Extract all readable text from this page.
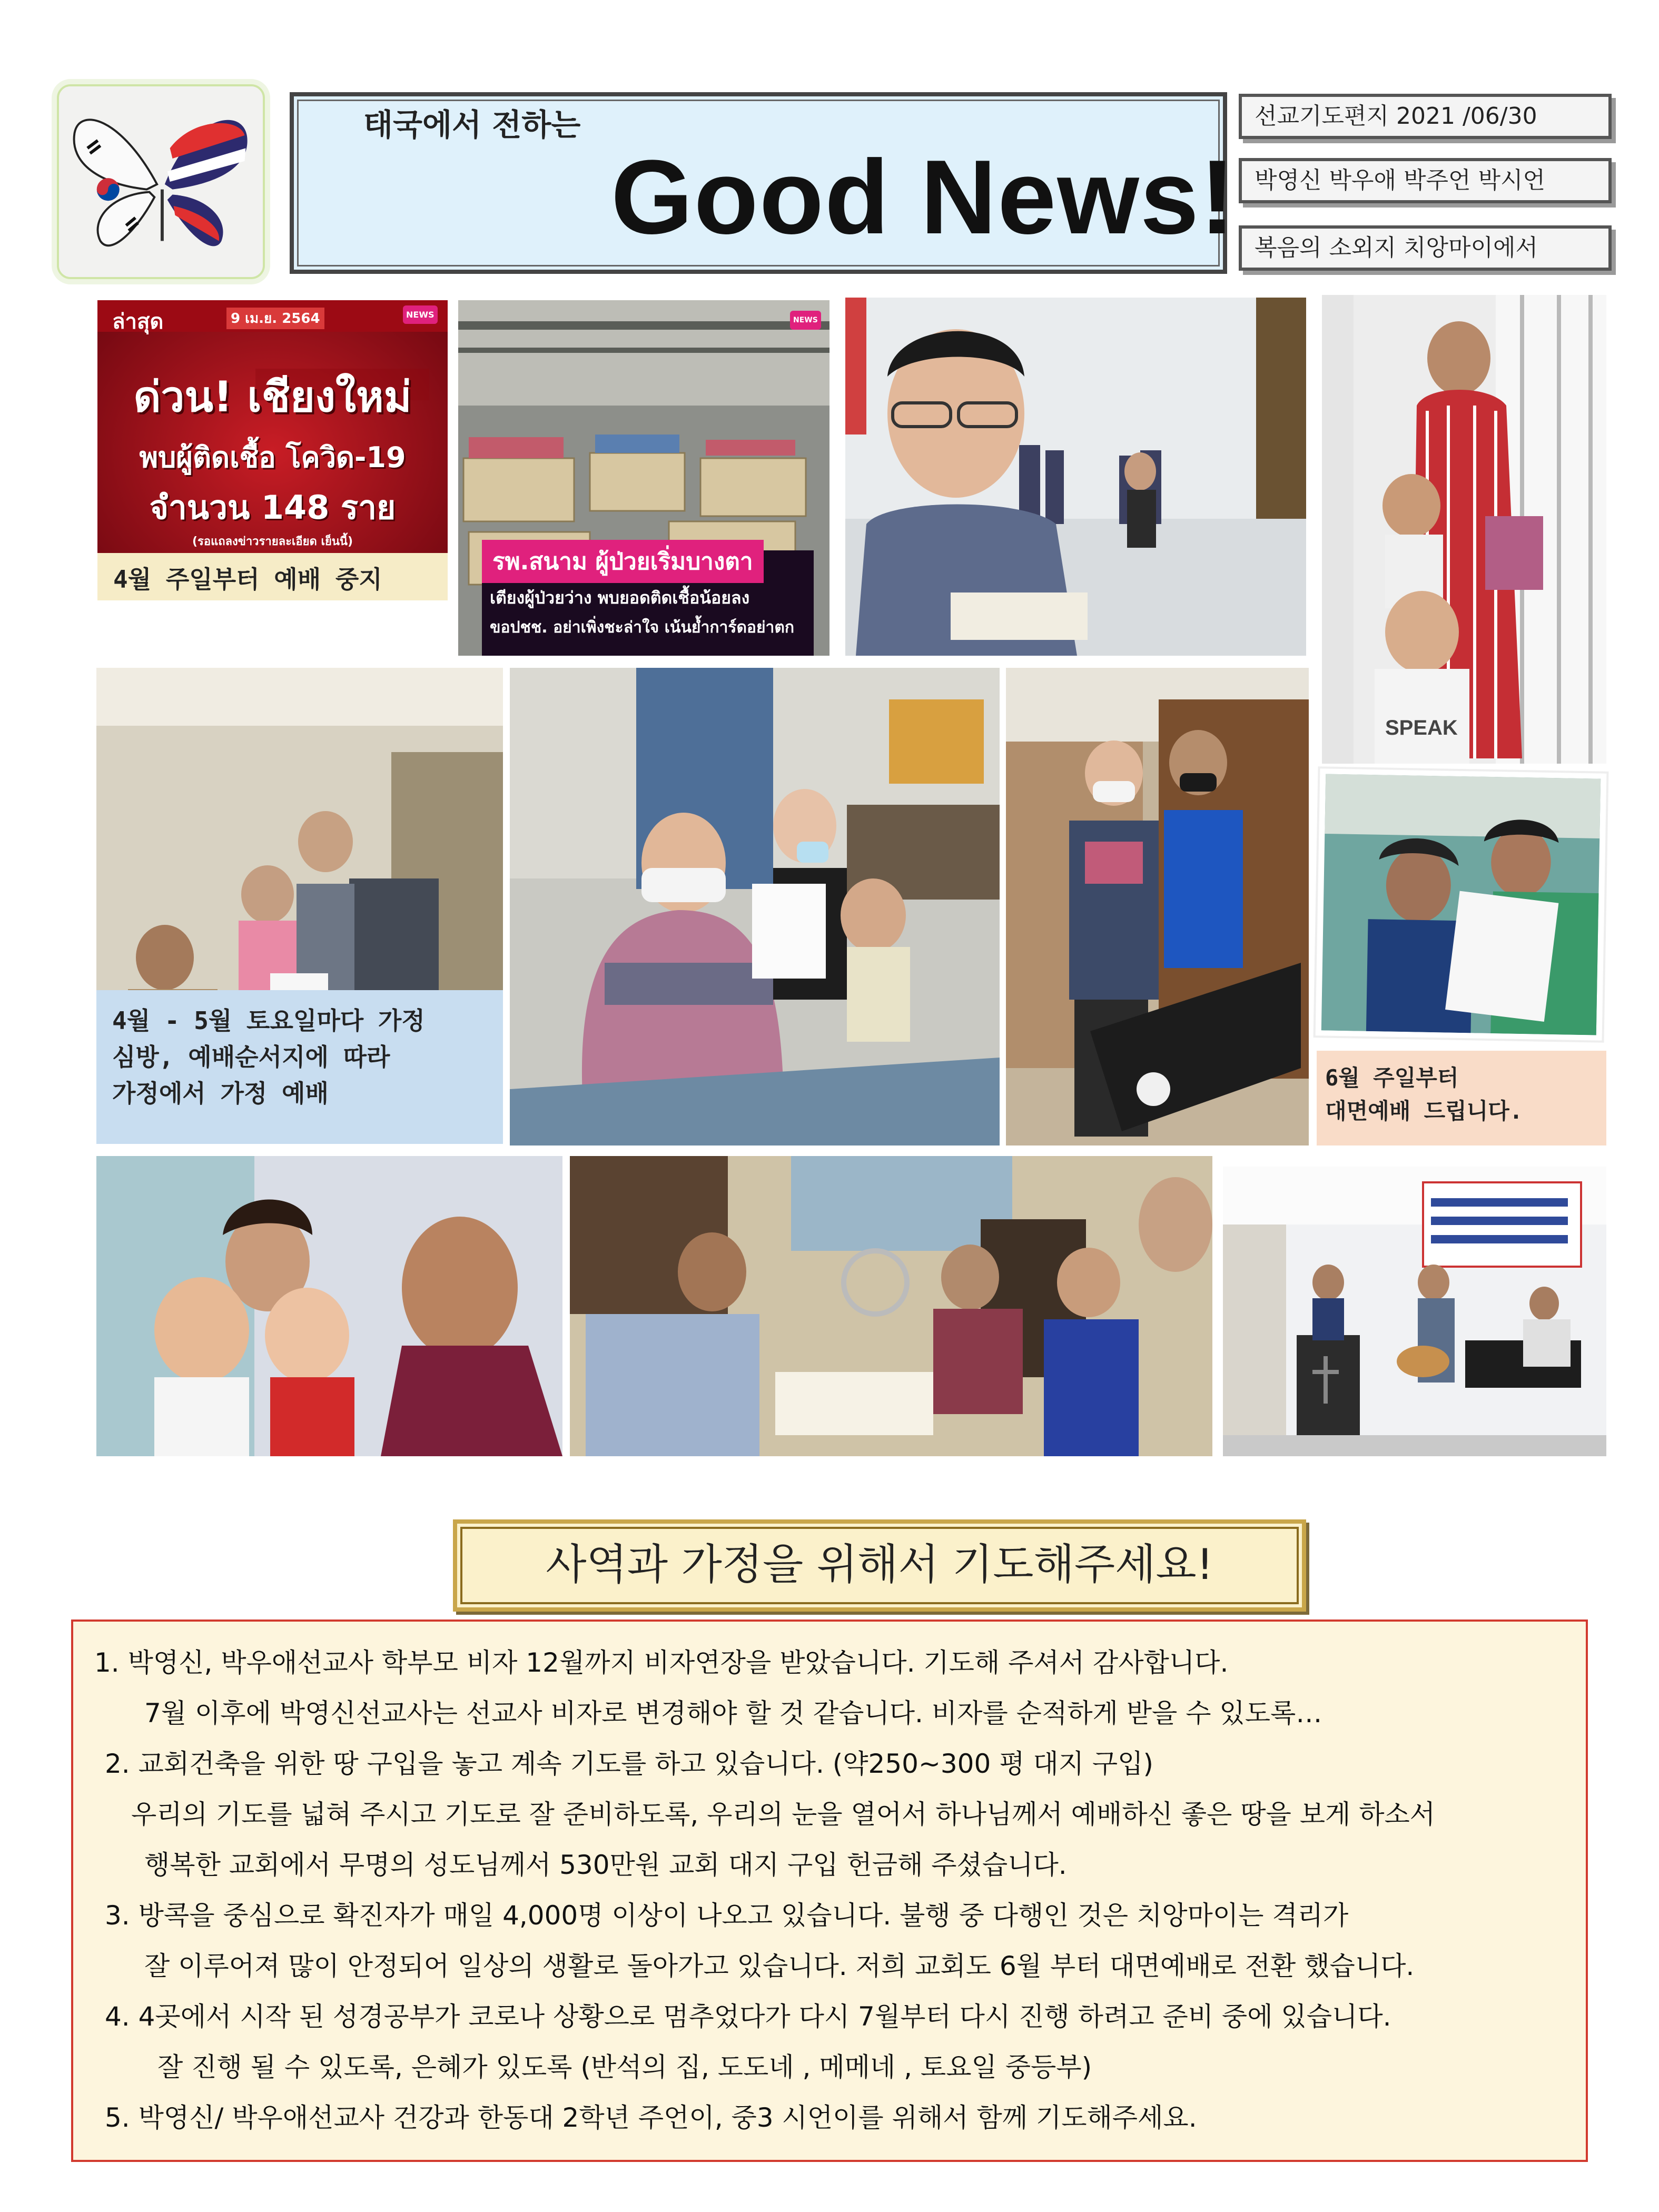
태국에서 전하는
Good News!
선교기도편지 2021 /06/30
박영신 박우애 박주언 박시언
복음의 소외지 치앙마이에서
ล่าสุด	9 เม.ย. 2564	NEWS
ด่วน! เชียงใหม่
พบผู้ติดเชื้อ โควิด-19
จำนวน 148 ราย
(รอแถลงข่าวรายละเอียด เย็นนี้)
4월 주일부터 예배 중지
NEWS
รพ.สนาม ผู้ป่วยเริ่มบางตา
เตียงผู้ป่วยว่าง พบยอดติดเชื้อน้อยลง
ขอปชช. อย่าเพิ่งชะล่าใจ เน้นย้ำการ์ดอย่าตก
SPEAK
4월 - 5월 토요일마다 가정
심방, 예배순서지에 따라
가정에서 가정 예배
6월 주일부터
대면예배 드립니다.
사역과 가정을 위해서 기도해주세요!
1. 박영신, 박우애선교사 학부모 비자 12월까지 비자연장을 받았습니다. 기도해 주셔서 감사합니다.
7월 이후에 박영신선교사는 선교사 비자로 변경해야 할 것 같습니다. 비자를 순적하게 받을 수 있도록…
2. 교회건축을 위한 땅 구입을 놓고 계속 기도를 하고 있습니다. (약250~300 평 대지 구입)
우리의 기도를 넓혀 주시고 기도로 잘 준비하도록, 우리의 눈을 열어서 하나님께서 예배하신 좋은 땅을 보게 하소서
행복한 교회에서 무명의 성도님께서 530만원 교회 대지 구입 헌금해 주셨습니다.
3. 방콕을 중심으로 확진자가 매일 4,000명 이상이 나오고 있습니다. 불행 중 다행인 것은 치앙마이는 격리가
잘 이루어져 많이 안정되어 일상의 생활로 돌아가고 있습니다. 저희 교회도 6월 부터 대면예배로 전환 했습니다.
4. 4곳에서 시작 된 성경공부가 코로나 상황으로 멈추었다가 다시 7월부터 다시 진행 하려고 준비 중에 있습니다.
잘 진행 될 수 있도록, 은혜가 있도록 (반석의 집, 도도네 , 메메네 , 토요일 중등부)
5. 박영신/ 박우애선교사 건강과 한동대 2학년 주언이, 중3 시언이를 위해서 함께 기도해주세요.
